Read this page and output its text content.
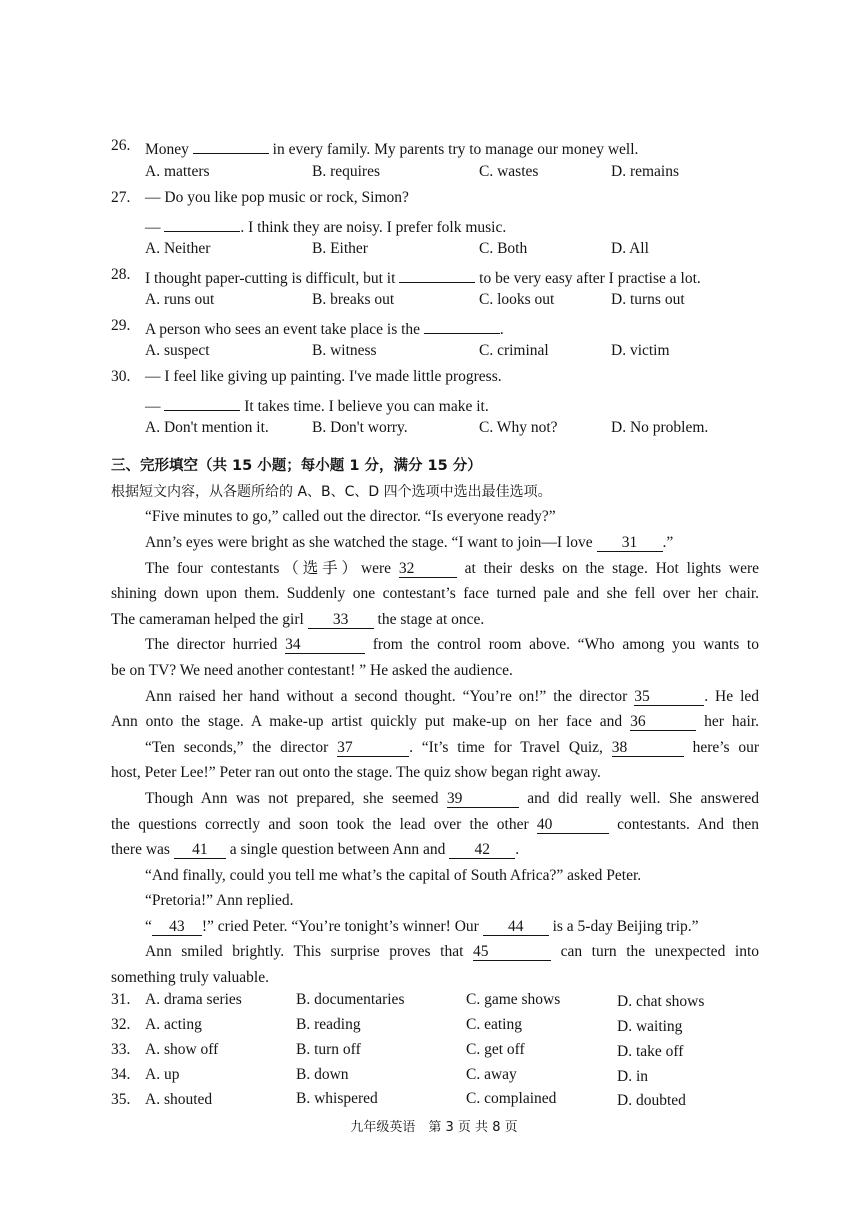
26. Money	in every family. My parents try to manage our money well.
A. matters	B. requires	C. wastes	D. remains
27. — Do you like pop music or rock, Simon?
—	. I think they are noisy. I prefer folk music.
A. Neither	B. Either	C. Both	D. All
28. I thought paper-cutting is difficult, but it	to be very easy after I practise a lot.
A. runs out	B. breaks out	C. looks out	D. turns out
29. A person who sees an event take place is the	.
A. suspect	B. witness	C. criminal	D. victim
30. — I feel like giving up painting. I've made little progress.
—	It takes time. I believe you can make it.
A. Don't mention it.	B. Don't worry.	C. Why not?	D. No problem.
三、完形填空（共 15 小题；每小题 1 分，满分 15 分）
根据短文内容，从各题所给的 A、B、C、D 四个选项中选出最佳选项。
“Five minutes to go,” called out the director. “Is everyone ready?”
Ann’s eyes were bright as she watched the stage. “I want to join—I love 31 .”
The four contestants（选手）were 32	at their desks on the stage. Hot lights were
shining down upon them. Suddenly one contestant’s face turned pale and she fell over her chair.
The cameraman helped the girl 33 the stage at once.
The director hurried 34	from the control room above. “Who among you wants to
be on TV? We need another contestant! ” He asked the audience.
Ann raised her hand without a second thought. “You’re on!” the director 35	. He led
Ann onto the stage. A make-up artist quickly put make-up on her face and 36	her hair.
“Ten seconds,” the director 37	. “It’s time for Travel Quiz, 38	here’s our
host, Peter Lee!” Peter ran out onto the stage. The quiz show began right away.
Though Ann was not prepared, she seemed 39	and did really well. She answered
the questions correctly and soon took the lead over the other 40	contestants. And then
there was 41 a single question between Ann and 42 .
“And finally, could you tell me what’s the capital of South Africa?” asked Peter.
“Pretoria!” Ann replied.
“ 43 !” cried Peter. “You’re tonight’s winner! Our 44 is a 5-day Beijing trip.”
Ann smiled brightly. This surprise proves that 45	can turn the unexpected into
something truly valuable.
31. A. drama series	B. documentaries	C. game shows	D. chat shows
32. A. acting	B. reading	C. eating	D. waiting
33. A. show off	B. turn off	C. get off	D. take off
34. A. up	B. down	C. away	D. in
35. A. shouted	B. whispered	C. complained	D. doubted
九年级英语　第 3 页 共 8 页
